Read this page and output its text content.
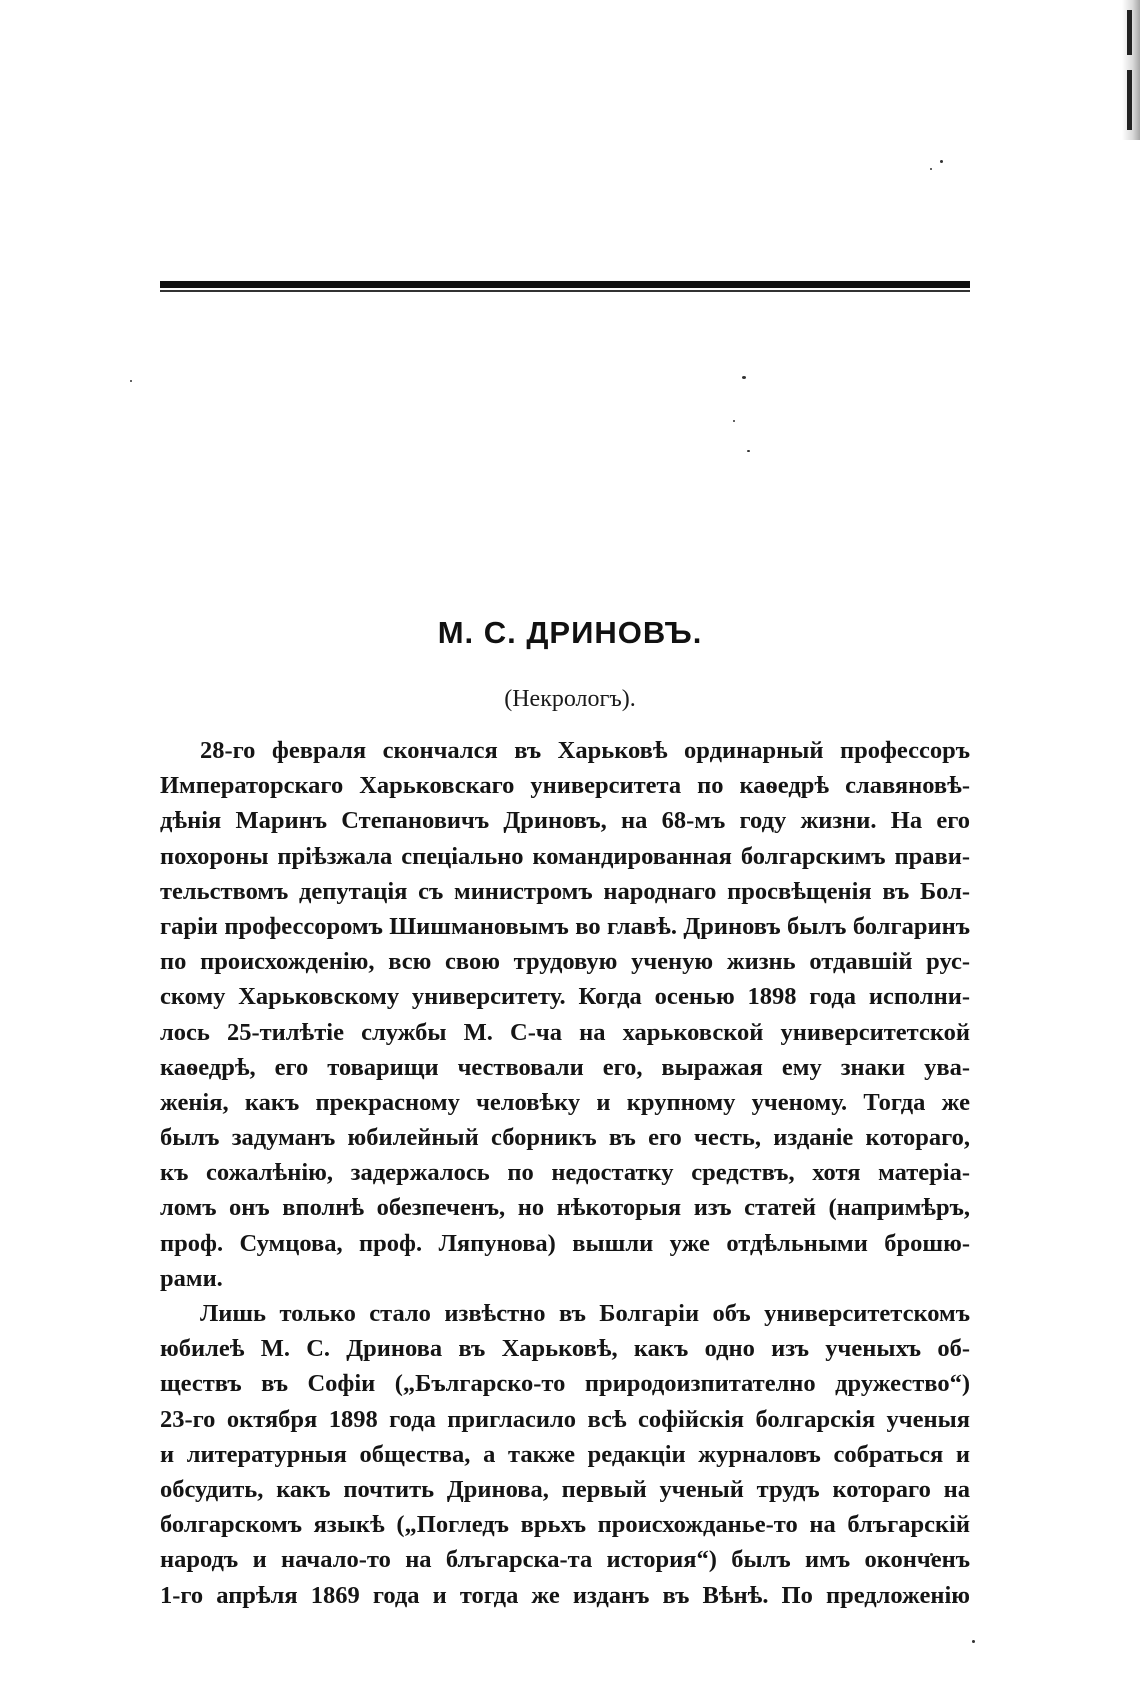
М. С. ДРИНОВЪ.
(Некрологъ).
28-го февраля скончался въ Харьковѣ ординарный профессоръ
Императорскаго Харьковскаго университета по каѳедрѣ славяновѣ-
дѣнія Маринъ Степановичъ Дриновъ, на 68-мъ году жизни. На его
похороны пріѣзжала спеціально командированная болгарскимъ прави-
тельствомъ депутація съ министромъ народнаго просвѣщенія въ Бол-
гаріи профессоромъ Шишмановымъ во главѣ. Дриновъ былъ болгаринъ
по происхожденію, всю свою трудовую ученую жизнь отдавшій рус-
скому Харьковскому университету. Когда осенью 1898 года исполни-
лось 25-тилѣтіе службы М. С-ча на харьковской университетской
каѳедрѣ, его товарищи чествовали его, выражая ему знаки ува-
женія, какъ прекрасному человѣку и крупному ученому. Тогда же
былъ задуманъ юбилейный сборникъ въ его честь, изданіе котораго,
къ сожалѣнію, задержалось по недостатку средствъ, хотя матеріа-
ломъ онъ вполнѣ обезпеченъ, но нѣкоторыя изъ статей (напримѣръ,
проф. Сумцова, проф. Ляпунова) вышли уже отдѣльными брошю-
рами.
Лишь только стало извѣстно въ Болгаріи объ университетскомъ
юбилеѣ М. С. Дринова въ Харьковѣ, какъ одно изъ ученыхъ об-
ществъ въ Софіи („Българско-то природоизпитателно дружество“)
23-го октября 1898 года пригласило всѣ софійскія болгарскія ученыя
и литературныя общества, а также редакціи журналовъ собраться и
обсудить, какъ почтить Дринова, первый ученый трудъ котораго на
болгарскомъ языкѣ („Погледъ врьхъ происхожданье-то на блъгарскій
народъ и начало-то на блъгарска-та история“) былъ имъ оконченъ
1-го апрѣля 1869 года и тогда же изданъ въ Вѣнѣ. По предложенію
